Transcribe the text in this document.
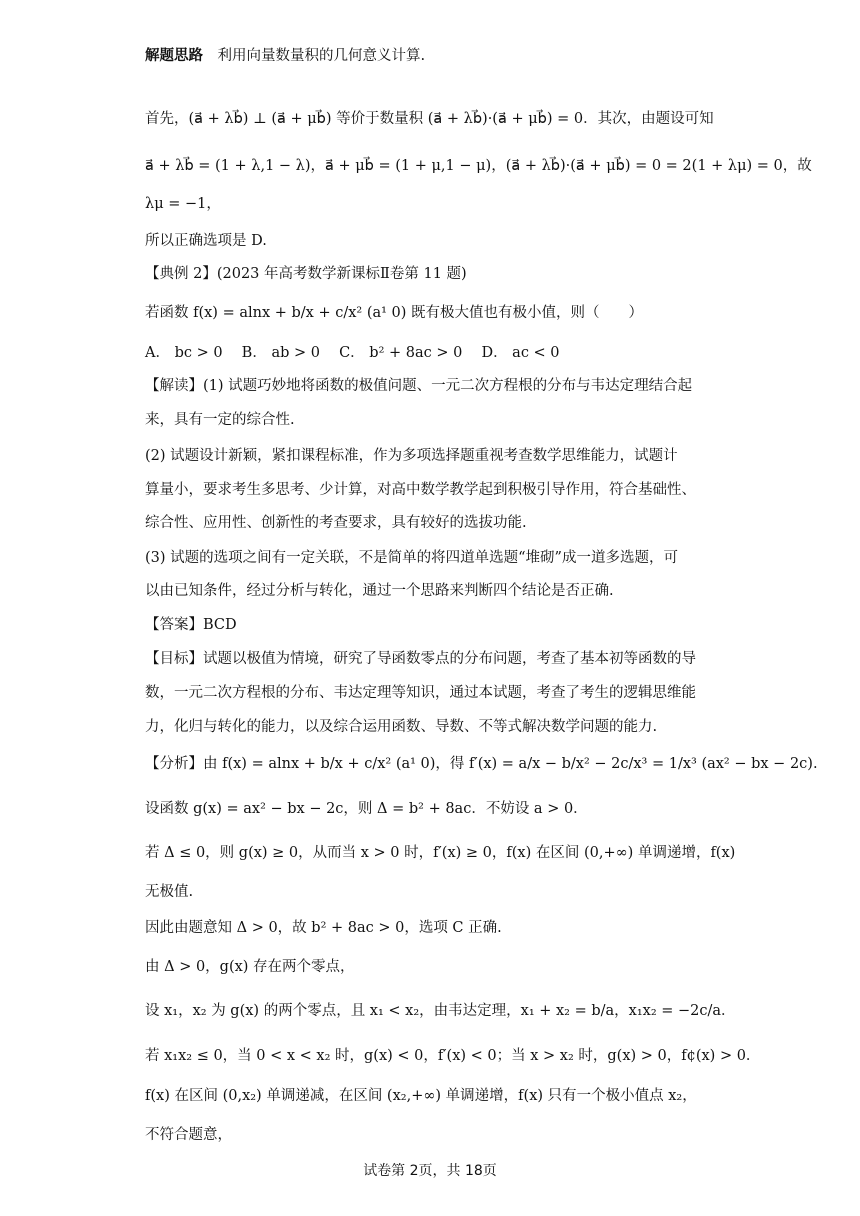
解题思路　利用向量数量积的几何意义计算.
首先，(a⃗ + λb⃗) ⊥ (a⃗ + μb⃗) 等价于数量积 (a⃗ + λb⃗)·(a⃗ + μb⃗) = 0．其次，由题设可知
a⃗ + λb⃗ = (1 + λ,1 − λ)，a⃗ + μb⃗ = (1 + μ,1 − μ)，(a⃗ + λb⃗)·(a⃗ + μb⃗) = 0 = 2(1 + λμ) = 0，故
λμ = −1，
所以正确选项是 D.
【典例 2】(2023 年高考数学新课标Ⅱ卷第 11 题)
若函数 f(x) = alnx + b/x + c/x² (a¹ 0) 既有极大值也有极小值，则（　　）
A． bc > 0　 B． ab > 0　 C． b² + 8ac > 0　 D． ac < 0
【解读】(1) 试题巧妙地将函数的极值问题、一元二次方程根的分布与韦达定理结合起
来，具有一定的综合性.
(2) 试题设计新颖，紧扣课程标准，作为多项选择题重视考查数学思维能力，试题计
算量小，要求考生多思考、少计算，对高中数学教学起到积极引导作用，符合基础性、
综合性、应用性、创新性的考查要求，具有较好的选拔功能.
(3) 试题的选项之间有一定关联，不是简单的将四道单选题“堆砌”成一道多选题，可
以由已知条件，经过分析与转化，通过一个思路来判断四个结论是否正确.
【答案】BCD
【目标】试题以极值为情境，研究了导函数零点的分布问题，考查了基本初等函数的导
数，一元二次方程根的分布、韦达定理等知识，通过本试题，考查了考生的逻辑思维能
力，化归与转化的能力，以及综合运用函数、导数、不等式解决数学问题的能力.
【分析】由 f(x) = alnx + b/x + c/x² (a¹ 0)，得 f′(x) = a/x − b/x² − 2c/x³ = 1/x³ (ax² − bx − 2c).
设函数 g(x) = ax² − bx − 2c，则 Δ = b² + 8ac．不妨设 a > 0．
若 Δ ≤ 0，则 g(x) ≥ 0，从而当 x > 0 时，f′(x) ≥ 0，f(x) 在区间 (0,+∞) 单调递增，f(x)
无极值.
因此由题意知 Δ > 0，故 b² + 8ac > 0，选项 C 正确.
由 Δ > 0，g(x) 存在两个零点，
设 x₁，x₂ 为 g(x) 的两个零点，且 x₁ < x₂，由韦达定理，x₁ + x₂ = b/a，x₁x₂ = −2c/a．
若 x₁x₂ ≤ 0，当 0 < x < x₂ 时，g(x) < 0，f′(x) < 0；当 x > x₂ 时，g(x) > 0，f¢(x) > 0．
f(x) 在区间 (0,x₂) 单调递减，在区间 (x₂,+∞) 单调递增，f(x) 只有一个极小值点 x₂，
不符合题意，
试卷第 2页，共 18页
